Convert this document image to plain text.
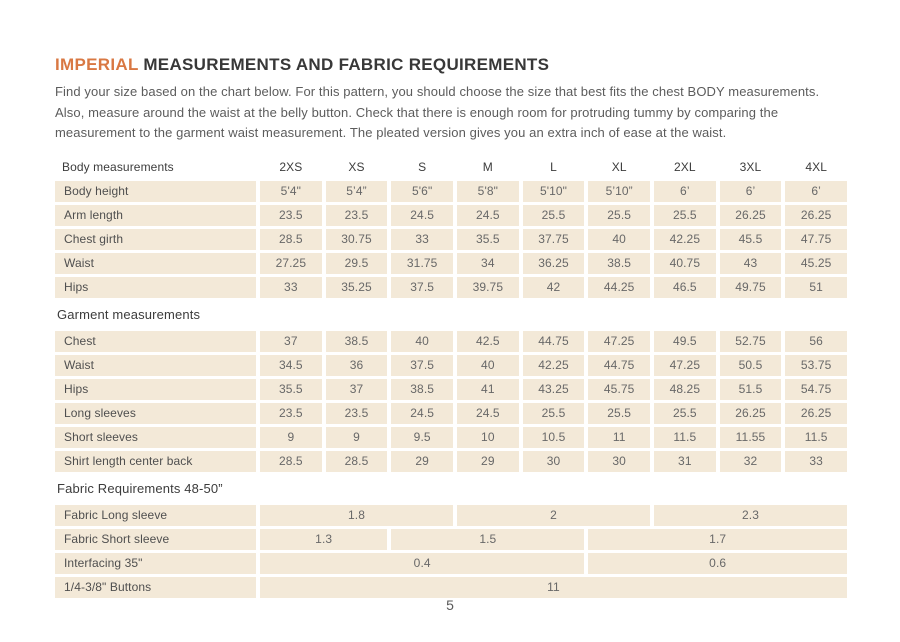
IMPERIAL MEASUREMENTS AND FABRIC REQUIREMENTS

Find your size based on the chart below. For this pattern, you should choose the size that best fits the chest BODY measurements. Also, measure around the waist at the belly button. Check that there is enough room for protruding tummy by comparing the measurement to the garment waist measurement. The pleated version gives you an extra inch of ease at the waist.

Body measurements	2XS	XS	S	M	L	XL	2XL	3XL	4XL
Body height	5'4"	5’4”	5'6"	5'8"	5'10"	5’10”	6’	6’	6’
Arm length	23.5	23.5	24.5	24.5	25.5	25.5	25.5	26.25	26.25
Chest girth	28.5	30.75	33	35.5	37.75	40	42.25	45.5	47.75
Waist	27.25	29.5	31.75	34	36.25	38.5	40.75	43	45.25
Hips	33	35.25	37.5	39.75	42	44.25	46.5	49.75	51
Garment measurements
Chest	37	38.5	40	42.5	44.75	47.25	49.5	52.75	56
Waist	34.5	36	37.5	40	42.25	44.75	47.25	50.5	53.75
Hips	35.5	37	38.5	41	43.25	45.75	48.25	51.5	54.75
Long sleeves	23.5	23.5	24.5	24.5	25.5	25.5	25.5	26.25	26.25
Short sleeves	9	9	9.5	10	10.5	11	11.5	11.55	11.5
Shirt length center back	28.5	28.5	29	29	30	30	31	32	33
Fabric Requirements 48-50”
Fabric Long sleeve	1.8	2	2.3
Fabric Short sleeve	1.3	1.5	1.7
Interfacing 35"	0.4	0.6
1/4-3/8" Buttons	11
5
